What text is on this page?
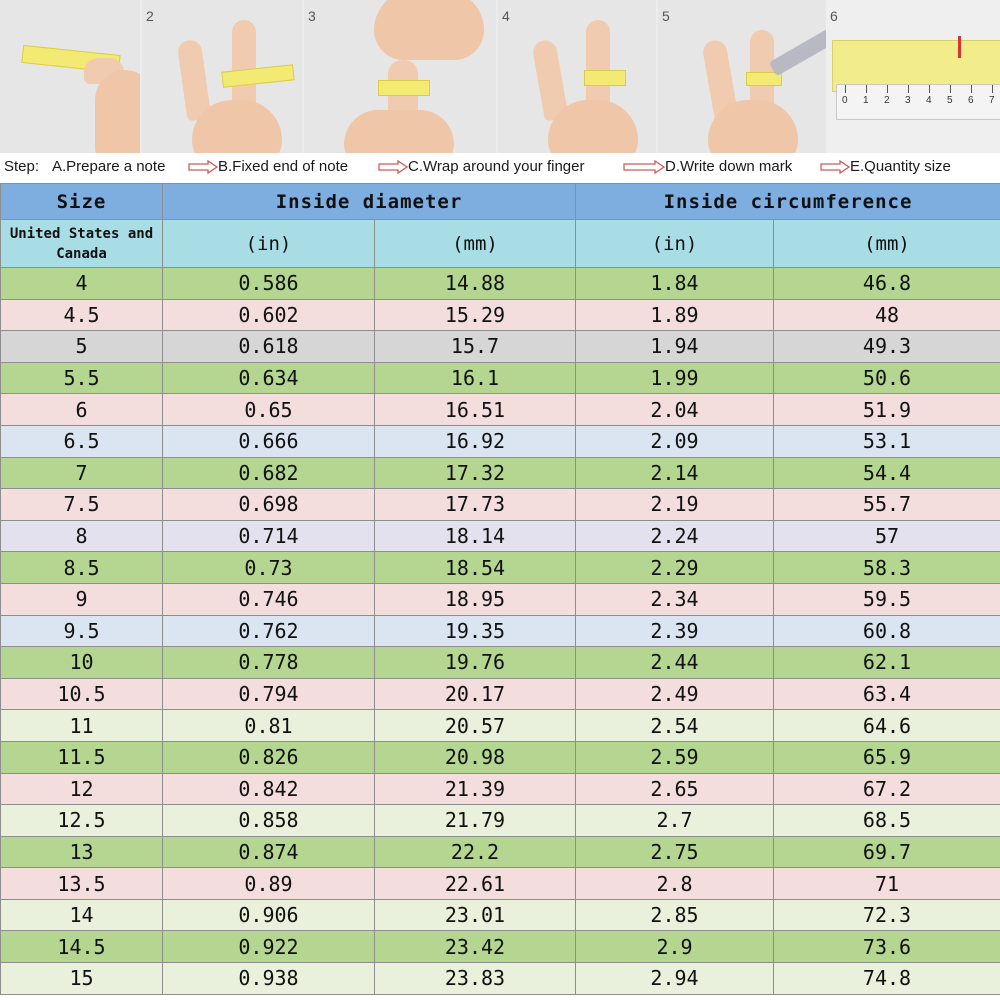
2	3	4	5	6
0 1 2 3 4 5 6 7
Step: A.Prepare a note	B.Fixed end of note	C.Wrap around your finger	D.Write down mark	E.Quantity size
Size	Inside diameter		Inside circumference	
United States and Canada	(in)	(mm)	(in)	(mm)
4	0.586	14.88	1.84	46.8
4.5	0.602	15.29	1.89	48
5	0.618	15.7	1.94	49.3
5.5	0.634	16.1	1.99	50.6
6	0.65	16.51	2.04	51.9
6.5	0.666	16.92	2.09	53.1
7	0.682	17.32	2.14	54.4
7.5	0.698	17.73	2.19	55.7
8	0.714	18.14	2.24	57
8.5	0.73	18.54	2.29	58.3
9	0.746	18.95	2.34	59.5
9.5	0.762	19.35	2.39	60.8
10	0.778	19.76	2.44	62.1
10.5	0.794	20.17	2.49	63.4
11	0.81	20.57	2.54	64.6
11.5	0.826	20.98	2.59	65.9
12	0.842	21.39	2.65	67.2
12.5	0.858	21.79	2.7	68.5
13	0.874	22.2	2.75	69.7
13.5	0.89	22.61	2.8	71
14	0.906	23.01	2.85	72.3
14.5	0.922	23.42	2.9	73.6
15	0.938	23.83	2.94	74.8
